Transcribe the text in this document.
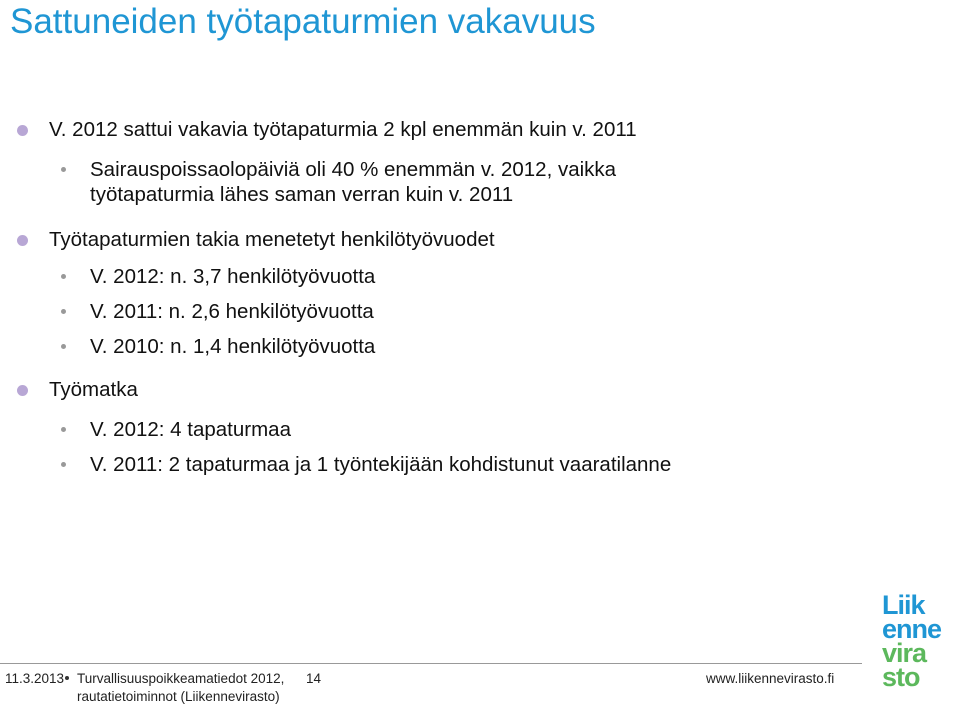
Sattuneiden työtapaturmien vakavuus
V. 2012 sattui vakavia työtapaturmia 2 kpl enemmän kuin v. 2011
Sairauspoissaolopäiviä oli 40 % enemmän v. 2012, vaikka työtapaturmia lähes saman verran kuin v. 2011
Työtapaturmien takia menetetyt henkilötyövuodet
V. 2012: n. 3,7 henkilötyövuotta
V. 2011: n. 2,6 henkilötyövuotta
V. 2010: n. 1,4 henkilötyövuotta
Työmatka
V. 2012: 4 tapaturmaa
V. 2011: 2 tapaturmaa ja 1 työntekijään kohdistunut vaaratilanne
Liik
enne
vira
sto
11.3.2013 Turvallisuuspoikkeamatiedot 2012,
rautatietoiminnot (Liikennevirasto)
14	www.liikennevirasto.fi
